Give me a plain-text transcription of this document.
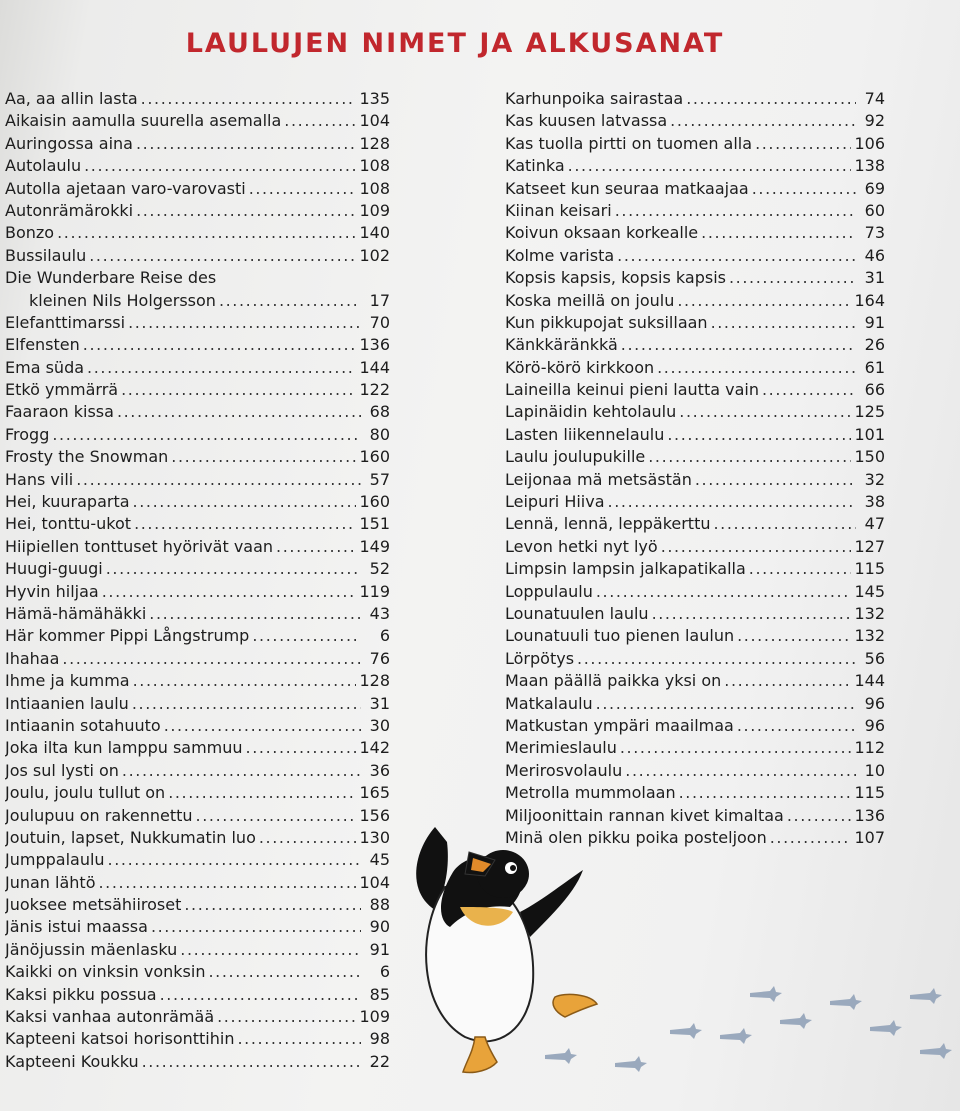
LAULUJEN NIMET JA ALKUSANAT
Aa, aa allin lasta .....	135
Aikaisin aamulla suurella asemalla .....	104
Auringossa aina .....	128
Autolaulu .....	108
Autolla ajetaan varo-varovasti .....	108
Autonrämärokki .....	109
Bonzo .....	140
Bussilaulu .....	102
Die Wunderbare Reise des
kleinen Nils Holgersson .....	17
Elefanttimarssi .....	70
Elfensten .....	136
Ema süda .....	144
Etkö ymmärrä .....	122
Faaraon kissa .....	68
Frogg .....	80
Frosty the Snowman .....	160
Hans vili .....	57
Hei, kuuraparta .....	160
Hei, tonttu-ukot .....	151
Hiipiellen tonttuset hyörivät vaan .....	149
Huugi-guugi .....	52
Hyvin hiljaa .....	119
Hämä-hämähäkki .....	43
Här kommer Pippi Långstrump .....	6
Ihahaa .....	76
Ihme ja kumma .....	128
Intiaanien laulu .....	31
Intiaanin sotahuuto .....	30
Joka ilta kun lamppu sammuu .....	142
Jos sul lysti on .....	36
Joulu, joulu tullut on .....	165
Joulupuu on rakennettu .....	156
Joutuin, lapset, Nukkumatin luo .....	130
Jumppalaulu .....	45
Junan lähtö .....	104
Juoksee metsähiiroset .....	88
Jänis istui maassa .....	90
Jänöjussin mäenlasku .....	91
Kaikki on vinksin vonksin .....	6
Kaksi pikku possua .....	85
Kaksi vanhaa autonrämää .....	109
Kapteeni katsoi horisonttihin .....	98
Kapteeni Koukku .....	22
Karhunpoika sairastaa .....	74
Kas kuusen latvassa .....	92
Kas tuolla pirtti on tuomen alla .....	106
Katinka .....	138
Katseet kun seuraa matkaajaa .....	69
Kiinan keisari .....	60
Koivun oksaan korkealle .....	73
Kolme varista .....	46
Kopsis kapsis, kopsis kapsis .....	31
Koska meillä on joulu .....	164
Kun pikkupojat suksillaan .....	91
Känkkäränkkä .....	26
Körö-körö kirkkoon .....	61
Laineilla keinui pieni lautta vain .....	66
Lapinäidin kehtolaulu .....	125
Lasten liikennelaulu .....	101
Laulu joulupukille .....	150
Leijonaa mä metsästän .....	32
Leipuri Hiiva .....	38
Lennä, lennä, leppäkerttu .....	47
Levon hetki nyt lyö .....	127
Limpsin lampsin jalkapatikalla .....	115
Loppulaulu .....	145
Lounatuulen laulu .....	132
Lounatuuli tuo pienen laulun .....	132
Lörpötys .....	56
Maan päällä paikka yksi on .....	144
Matkalaulu .....	96
Matkustan ympäri maailmaa .....	96
Merimieslaulu .....	112
Merirosvolaulu .....	10
Metrolla mummolaan .....	115
Miljoonittain rannan kivet kimaltaa .....	136
Minä olen pikku poika posteljoon .....	107
